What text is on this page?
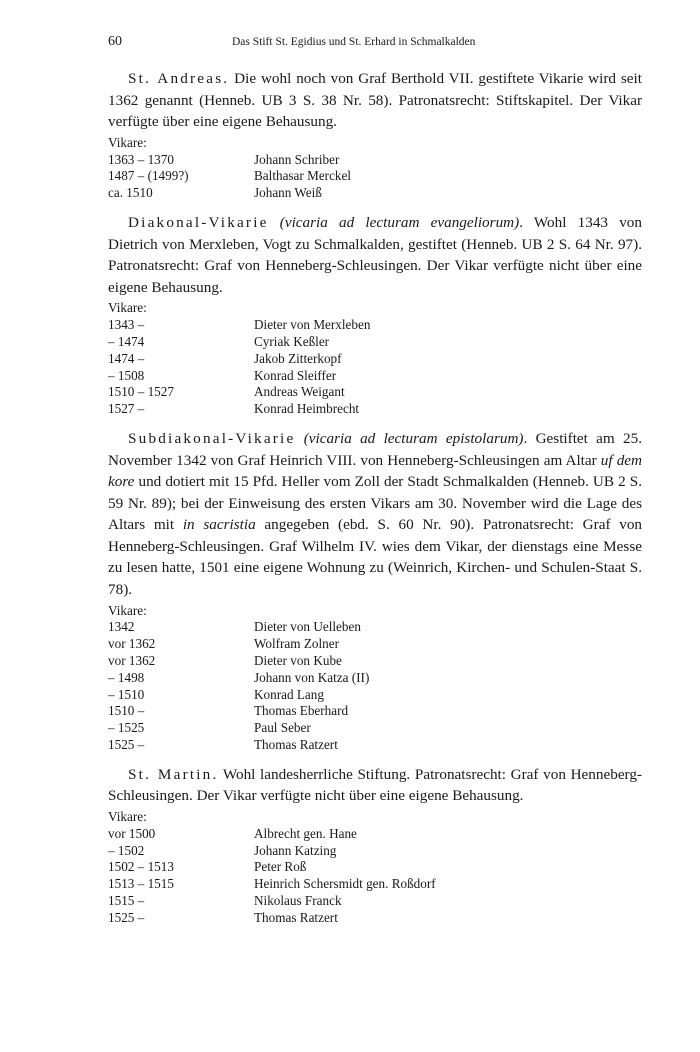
60	Das Stift St. Egidius und St. Erhard in Schmalkalden

St. Andreas. Die wohl noch von Graf Berthold VII. gestiftete Vikarie wird seit 1362 genannt (Henneb. UB 3 S. 38 Nr. 58). Patronatsrecht: Stiftskapitel. Der Vikar verfügte über eine eigene Behausung.

Vikare:
1363 – 1370	Johann Schriber
1487 – (1499?)	Balthasar Merckel
ca. 1510	Johann Weiß

Diakonal-Vikarie (vicaria ad lecturam evangeliorum). Wohl 1343 von Dietrich von Merxleben, Vogt zu Schmalkalden, gestiftet (Henneb. UB 2 S. 64 Nr. 97). Patronatsrecht: Graf von Henneberg-Schleusingen. Der Vikar verfügte nicht über eine eigene Behausung.

Vikare:
1343 –	Dieter von Merxleben
– 1474	Cyriak Keßler
1474 –	Jakob Zitterkopf
– 1508	Konrad Sleiffer
1510 – 1527	Andreas Weigant
1527 –	Konrad Heimbrecht

Subdiakonal-Vikarie (vicaria ad lecturam epistolarum). Gestiftet am 25. November 1342 von Graf Heinrich VIII. von Henneberg-Schleusingen am Altar uf dem kore und dotiert mit 15 Pfd. Heller vom Zoll der Stadt Schmalkalden (Henneb. UB 2 S. 59 Nr. 89); bei der Einweisung des ersten Vikars am 30. November wird die Lage des Altars mit in sacristia angegeben (ebd. S. 60 Nr. 90). Patronatsrecht: Graf von Henneberg-Schleusingen. Graf Wilhelm IV. wies dem Vikar, der dienstags eine Messe zu lesen hatte, 1501 eine eigene Wohnung zu (Weinrich, Kirchen- und Schulen-Staat S. 78).

Vikare:
1342	Dieter von Uelleben
vor 1362	Wolfram Zolner
vor 1362	Dieter von Kube
– 1498	Johann von Katza (II)
– 1510	Konrad Lang
1510 –	Thomas Eberhard
– 1525	Paul Seber
1525 –	Thomas Ratzert

St. Martin. Wohl landesherrliche Stiftung. Patronatsrecht: Graf von Henneberg-Schleusingen. Der Vikar verfügte nicht über eine eigene Behausung.

Vikare:
vor 1500	Albrecht gen. Hane
– 1502	Johann Katzing
1502 – 1513	Peter Roß
1513 – 1515	Heinrich Schersmidt gen. Roßdorf
1515 –	Nikolaus Franck
1525 –	Thomas Ratzert
